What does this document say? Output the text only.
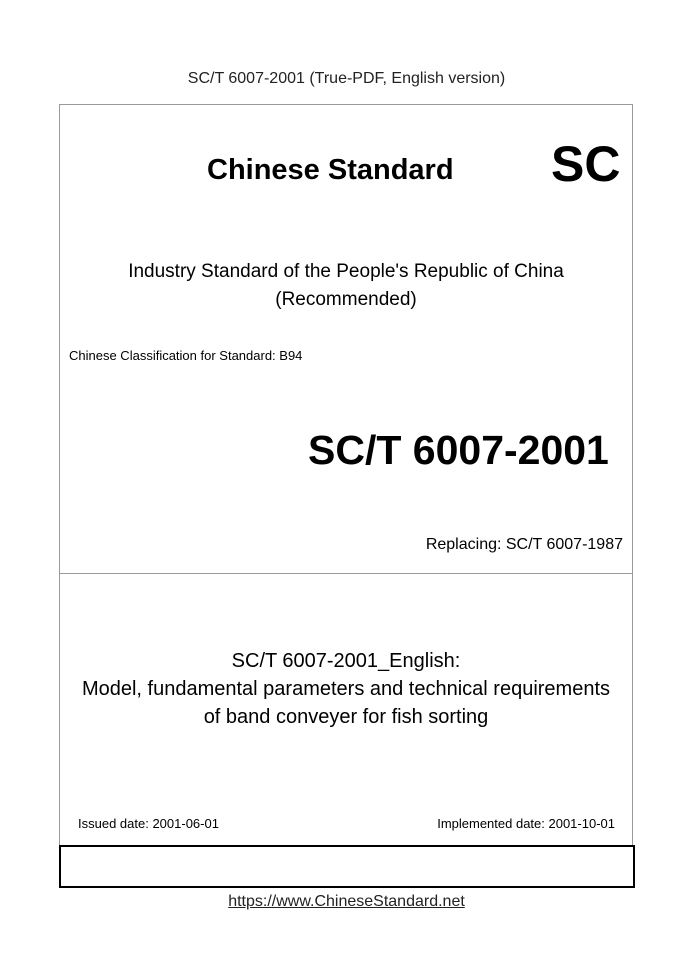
SC/T 6007-2001 (True-PDF, English version)
Chinese Standard SC
Industry Standard of the People's Republic of China
(Recommended)
Chinese Classification for Standard: B94
SC/T 6007-2001
Replacing: SC/T 6007-1987
SC/T 6007-2001_English:
Model, fundamental parameters and technical requirements
of band conveyer for fish sorting
Issued date: 2001-06-01	Implemented date: 2001-10-01
https://www.ChineseStandard.net
